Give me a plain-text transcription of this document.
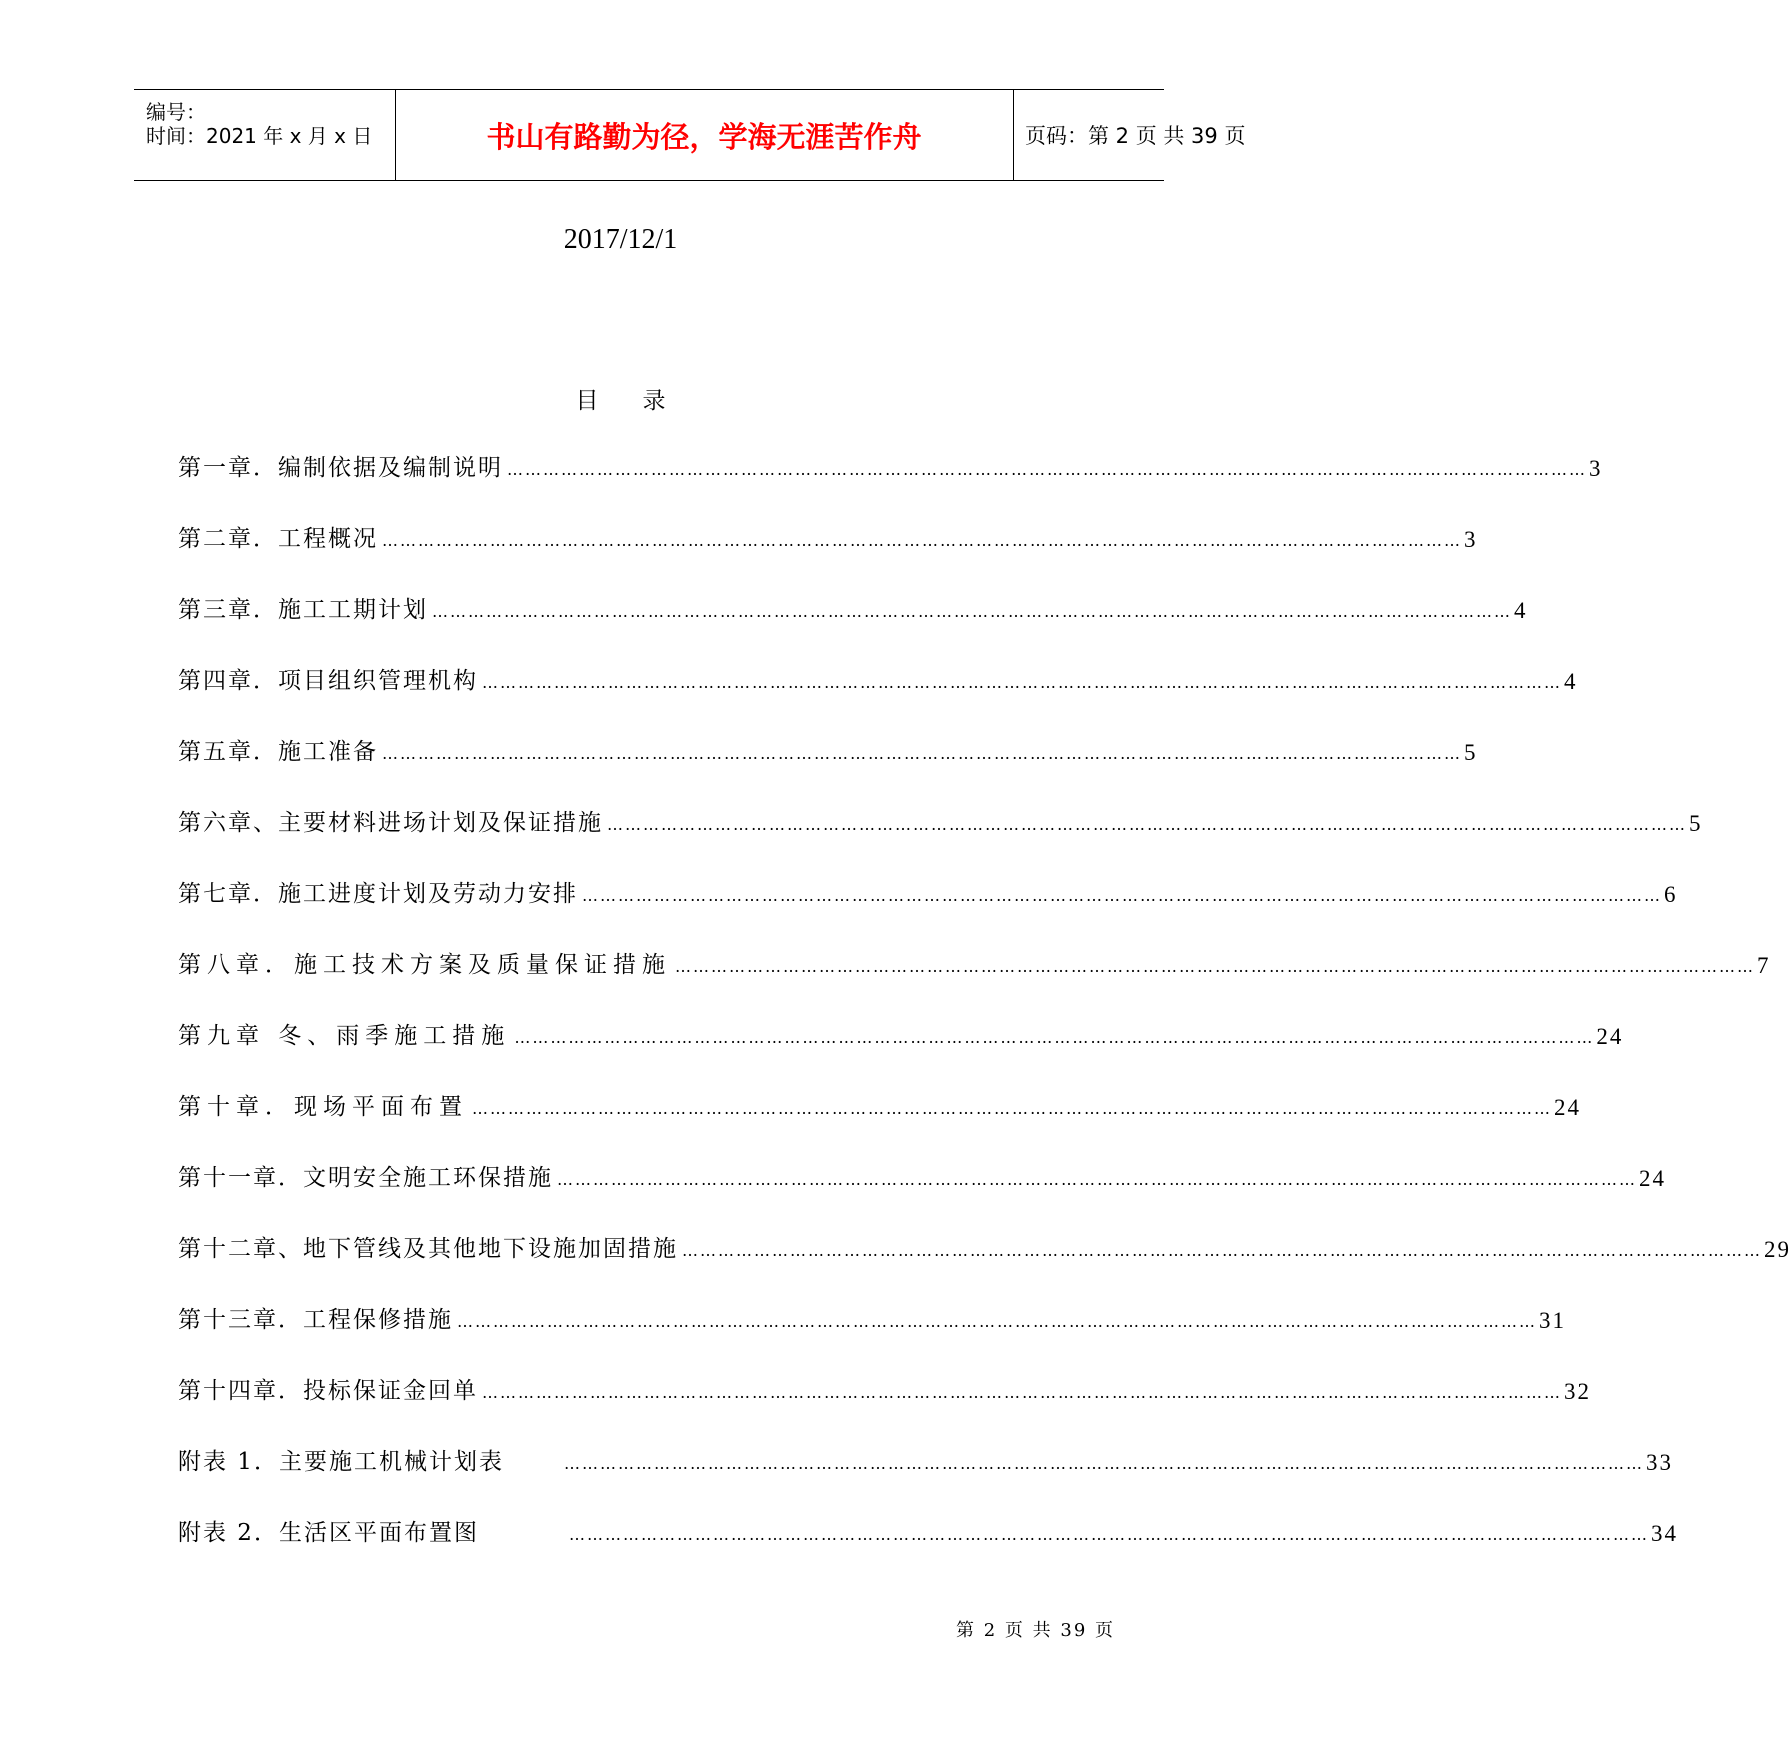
编号：
时间：2021 年 x 月 x 日	书山有路勤为径，学海无涯苦作舟	页码：第 2 页 共 39 页
2017/12/1
目录
第一章．编制依据及编制说明 ……………………………………………………………………………………………………………………………………………………………… 3
第二章．工程概况 ……………………………………………………………………………………………………………………………………………………………… 3
第三章．施工工期计划 ……………………………………………………………………………………………………………………………………………………………… 4
第四章．项目组织管理机构 ……………………………………………………………………………………………………………………………………………………………… 4
第五章．施工准备 ……………………………………………………………………………………………………………………………………………………………… 5
第六章、主要材料进场计划及保证措施 ……………………………………………………………………………………………………………………………………………………………… 5
第七章．施工进度计划及劳动力安排 ……………………………………………………………………………………………………………………………………………………………… 6
第八章．施工技术方案及质量保证措施 ……………………………………………………………………………………………………………………………………………………………… 7
第九章 冬、雨季施工措施 ……………………………………………………………………………………………………………………………………………………………… 24
第十章．现场平面布置 ……………………………………………………………………………………………………………………………………………………………… 24
第十一章．文明安全施工环保措施 ……………………………………………………………………………………………………………………………………………………………… 24
第十二章、地下管线及其他地下设施加固措施 ……………………………………………………………………………………………………………………………………………………………… 29
第十三章．工程保修措施 ……………………………………………………………………………………………………………………………………………………………… 31
第十四章．投标保证金回单 ……………………………………………………………………………………………………………………………………………………………… 32
附表 1．主要施工机械计划表	……………………………………………………………………………………………………………………………………………………………… 33
附表 2．生活区平面布置图	……………………………………………………………………………………………………………………………………………………………… 34
第 2 页 共 39 页
